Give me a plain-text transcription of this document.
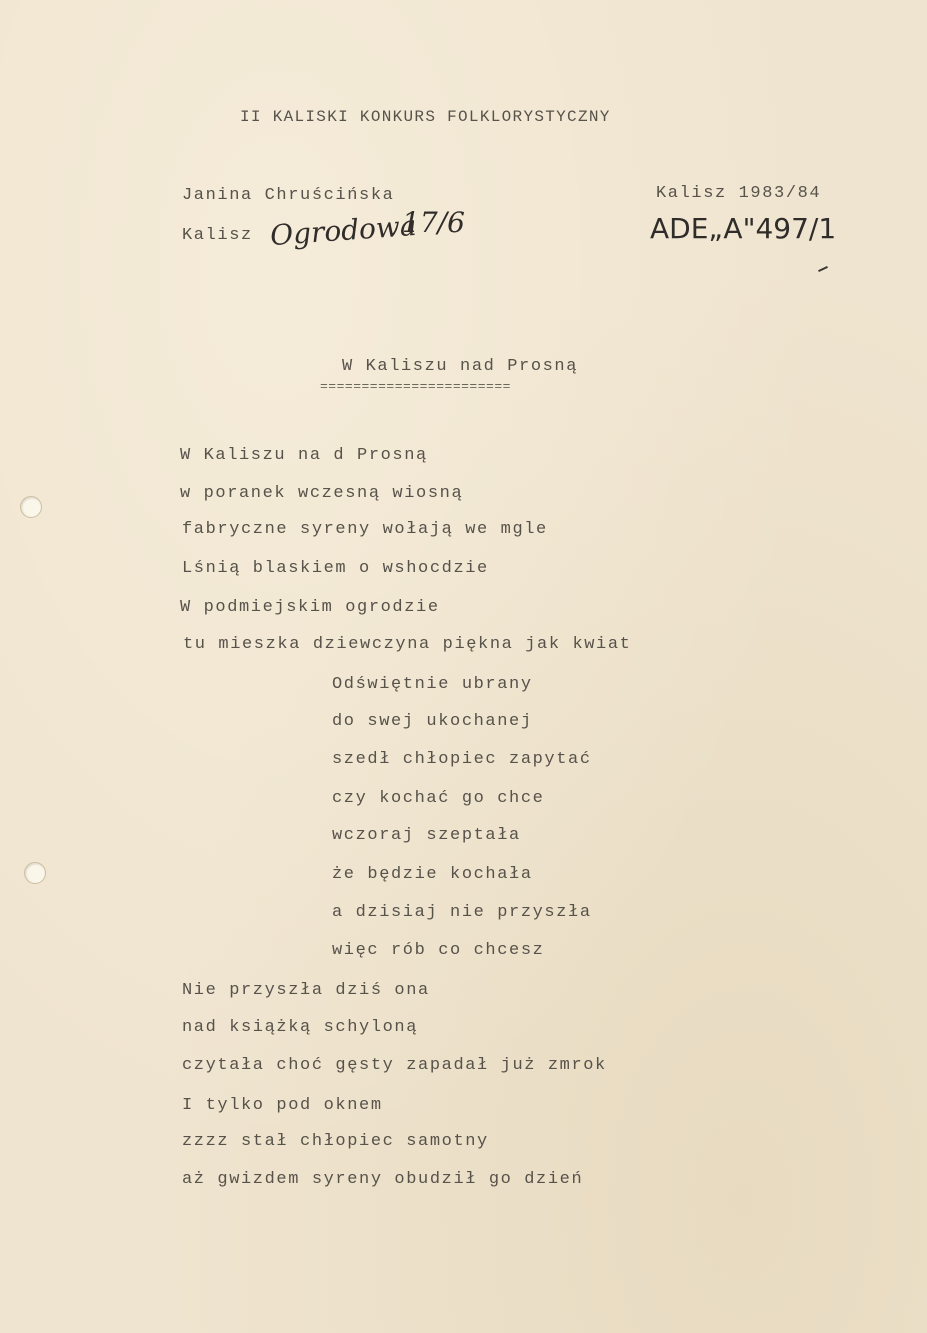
II KALISKI KONKURS FOLKLORYSTYCZNY
Janina Chruścińska
Kalisz Ogrodowa
17/6
Kalisz 1983/84
ADE„A"497/1
W Kaliszu nad Prosną
=======================
W Kaliszu na d Prosną
w poranek wczesną wiosną
fabryczne syreny wołają we mgle
Lśnią blaskiem o wshocdzie
W podmiejskim ogrodzie
tu mieszka dziewczyna piękna jak kwiat
Odświętnie ubrany
do swej ukochanej
szedł chłopiec zapytać
czy kochać go chce
wczoraj szeptała
że będzie kochała
a dzisiaj nie przyszła
więc rób co chcesz
Nie przyszła dziś ona
nad książką schyloną
czytała choć gęsty zapadał już zmrok
I tylko pod oknem
zzzz stał chłopiec samotny
aż gwizdem syreny obudził go dzień
